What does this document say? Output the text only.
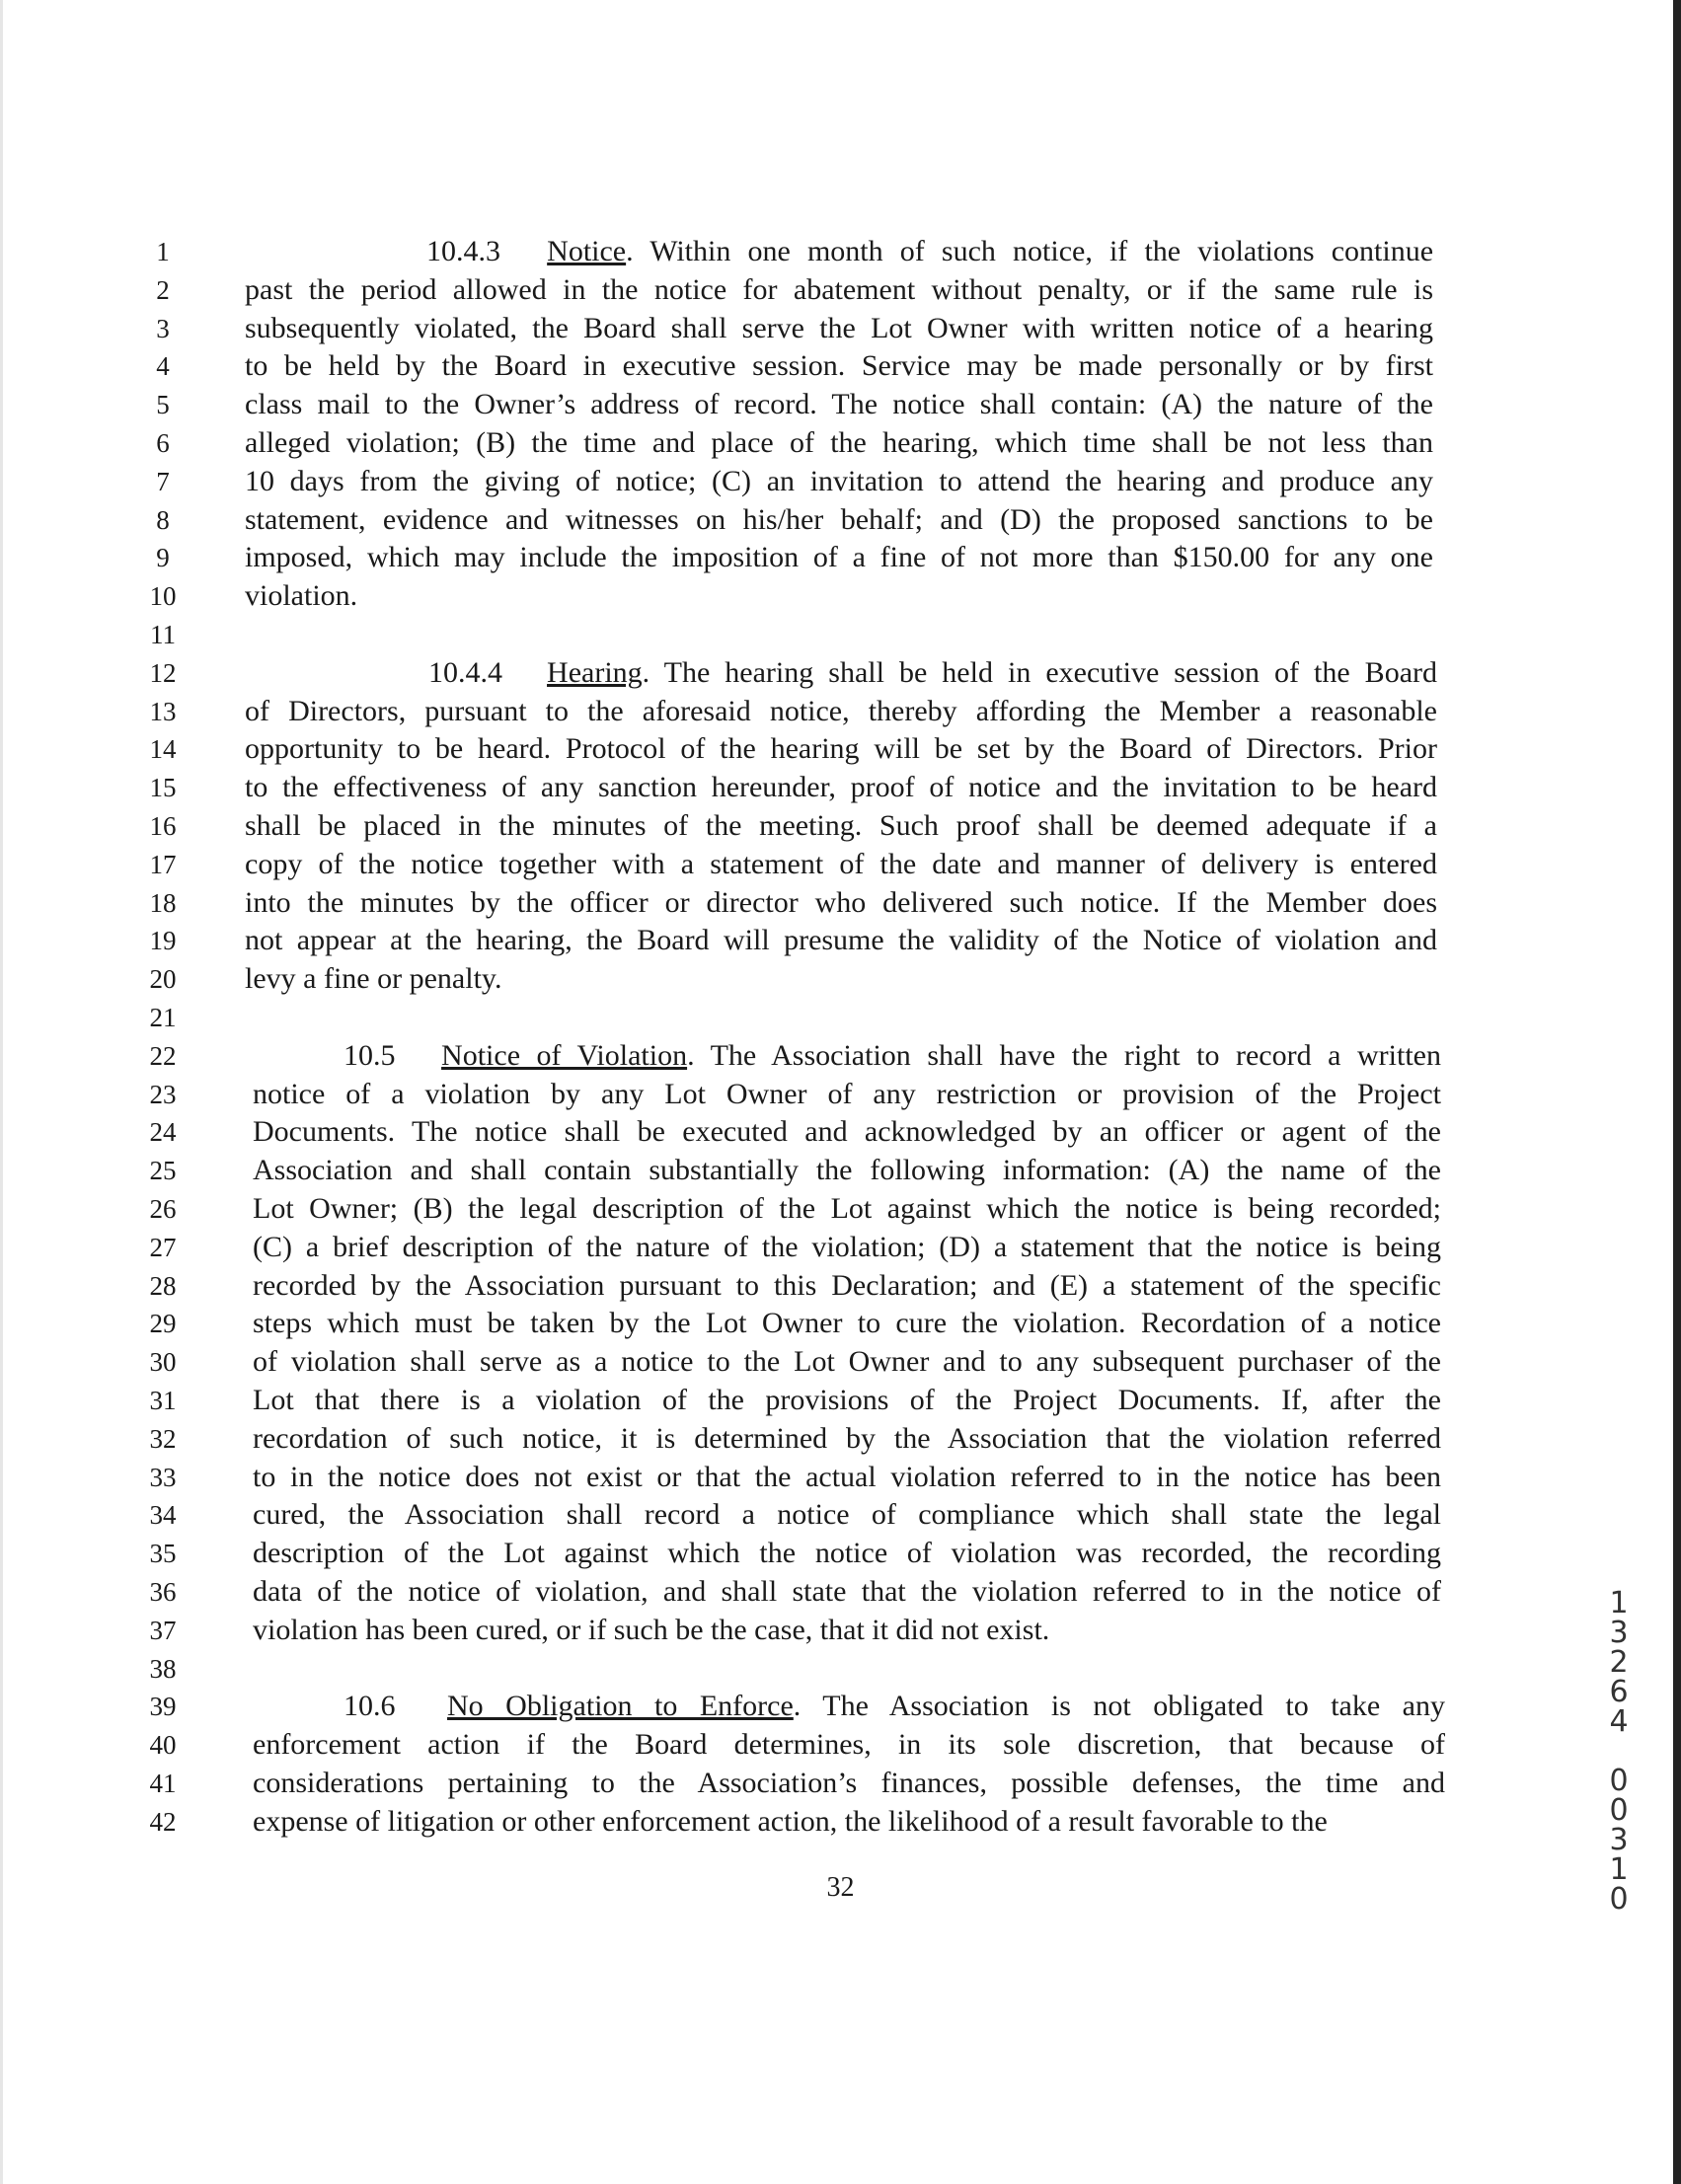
1
2
3
4
5
6
7
8
9
10
11
12
13
14
15
16
17
18
19
20
21
22
23
24
25
26
27
28
29
30
31
32
33
34
35
36
37
38
39
40
41
42
10.4.3  Notice. Within one month of such notice, if the violations continue
past the period allowed in the notice for abatement without penalty, or if the same rule is
subsequently violated, the Board shall serve the Lot Owner with written notice of a hearing
to be held by the Board in executive session. Service may be made personally or by first
class mail to the Owner’s address of record. The notice shall contain: (A) the nature of the
alleged violation; (B) the time and place of the hearing, which time shall be not less than
10 days from the giving of notice; (C) an invitation to attend the hearing and produce any
statement, evidence and witnesses on his/her behalf; and (D) the proposed sanctions to be
imposed, which may include the imposition of a fine of not more than $150.00 for any one
violation.
10.4.4  Hearing. The hearing shall be held in executive session of the Board
of Directors, pursuant to the aforesaid notice, thereby affording the Member a reasonable
opportunity to be heard. Protocol of the hearing will be set by the Board of Directors. Prior
to the effectiveness of any sanction hereunder, proof of notice and the invitation to be heard
shall be placed in the minutes of the meeting. Such proof shall be deemed adequate if a
copy of the notice together with a statement of the date and manner of delivery is entered
into the minutes by the officer or director who delivered such notice. If the Member does
not appear at the hearing, the Board will presume the validity of the Notice of violation and
levy a fine or penalty.
10.5  Notice of Violation. The Association shall have the right to record a written
notice of a violation by any Lot Owner of any restriction or provision of the Project
Documents. The notice shall be executed and acknowledged by an officer or agent of the
Association and shall contain substantially the following information: (A) the name of the
Lot Owner; (B) the legal description of the Lot against which the notice is being recorded;
(C) a brief description of the nature of the violation; (D) a statement that the notice is being
recorded by the Association pursuant to this Declaration; and (E) a statement of the specific
steps which must be taken by the Lot Owner to cure the violation. Recordation of a notice
of violation shall serve as a notice to the Lot Owner and to any subsequent purchaser of the
Lot that there is a violation of the provisions of the Project Documents. If, after the
recordation of such notice, it is determined by the Association that the violation referred
to in the notice does not exist or that the actual violation referred to in the notice has been
cured, the Association shall record a notice of compliance which shall state the legal
description of the Lot against which the notice of violation was recorded, the recording
data of the notice of violation, and shall state that the violation referred to in the notice of
violation has been cured, or if such be the case, that it did not exist.
10.6  No Obligation to Enforce. The Association is not obligated to take any
enforcement action if the Board determines, in its sole discretion, that because of
considerations pertaining to the Association’s finances, possible defenses, the time and
expense of litigation or other enforcement action, the likelihood of a result favorable to the
32
1
3
2
6
4
0
0
3
1
0
